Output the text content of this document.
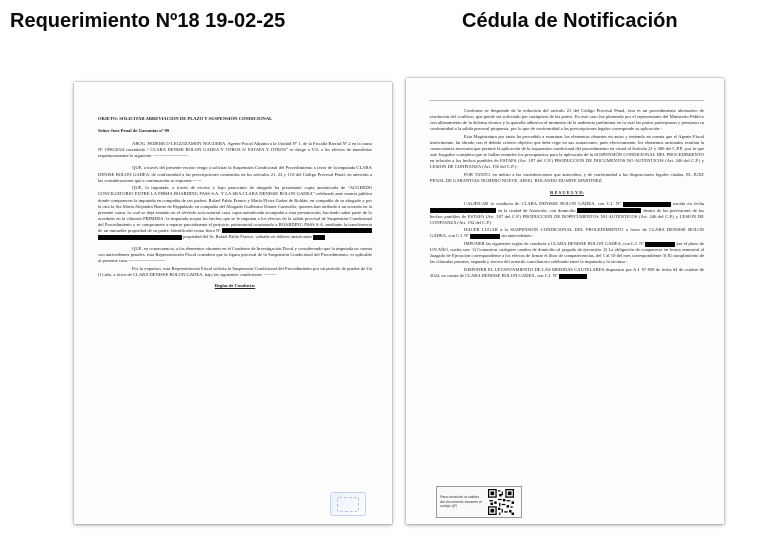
Requerimiento Nº18 19-02-25	Cédula de Notificación

OBJETO: SOLICITAR ABREVIACION DE PLAZO Y SUSPENSION CONDICIONAL

Señor Juez Penal de Garantias nº 09

ABOG. FEDERICO LEGUIZAMON NOGUERA, Agente Fiscal Adjunto a la Unidad Nº 1, de la Fiscalía Barrial Nº 2 en la causa Nº 1996/2024 caratulada “ CLARA DENISE BOLON GADEA Y OTROS S/ ESTAFA Y OTROS” se dirige a V.S. a los efectos de manifestar respetuosamente lo siguiente: -----------------------

QUE, a través del presente escrito vengo a solicitar la Suspensión Condicional del Procedimiento a favor de la imputada CLARA DENISE BOLON GADEA, de conformidad a las prescripciones contenidas en los artículos 21, 22 y 110 del Código Procesal Penal, en atención a las consideraciones que a continuación se exponen:------

QUE, la imputada, a través de escrito y bajo patrocinio de abogado ha presentado copia autenticada de “ACUERDO CONCILIATORIO ENTRE LA FIRMA BOARDING PASS S.A. Y LA SRA CLARA DENISSE BOLON GADEA” celebrado ante notaria pública donde comparecen la imputada en compañía de sus padres, Rafael Pablo Franco y María Elvira Gadea de Roldán, en compañía de su abogado y por la otra la Sra María Alejandra Bueno de Pappalardo en compañía del Abogado Guillermo Duarte Cazavalio, quienes han arribado a un acuerdo en la presente causa, lo cual se deja sentado en el referido acta notarial cuya copia autenticada acompaña a esta presentación, haciendo saber parte de lo acordado en la cláusula PRIMERA: la imputada acepta los hechos que se le imputan a los efectos de la salida procesal de Suspensión Condicional del Procedimiento y se compromete a reparar parcialmente el perjuicio patrimonial ocasionado a BOARDING PASS S.A. mediante la transferencia de un inmueble propiedad de su padre, identificado como finca Nº   propiedad del Sr. Rafael Pablo Franco, valuado en dólares americanos

QUE, en consecuencia, a los elementos obrantes en el Cuaderno de Investigación Fiscal y considerando que la imputada no cuenta con antecedentes penales, esta Representación Fiscal considera que la figura procesal de la Suspensión Condicional del Procedimiento, es aplicable al presente caso.------------------------

Por lo expuesto, esta Representación Fiscal solicita la Suspensión Condicional del Procedimiento por un periodo de prueba de Un (1) año, a favor de CLARA DENISSE BOLON GADEA, bajo las siguientes condiciones: --------

Reglas de Conducta:

Conforme se desprende de la redacción del artículo 21 del Código Procesal Penal, ésta es un procedimiento alternativo de resolución del conflicto, que puede ser solicitado por cualquiera de las partes. En este caso fue planteado por el representante del Ministerio Público con allanamiento de la defensa técnica y la querella adhesiva al momento de la audiencia preliminar en la cual las partes participaron y prestaron su conformidad a la salida procesal propuesta, por lo que de conformidad a las prescripciones legales corresponde su aplicación.-

Esta Magistratura por tanto ha procedido a examinar los elementos obrantes en autos y teniendo en cuenta que el Agente Fiscal interviniente, ha obrado con el debido criterio objetivo que debe regir en sus actuaciones, pues efectivamente, los elementos arrimados resultan la consecuencia necesaria que permite la aplicación de la suspensión condicional del procedimiento en virtud al Artículo 21 y 306 del C.P.P., por lo que este Juzgador considera que se hallan reunidos los presupuestos para la aplicación de la SUSPENSIÓN CONDICIONAL DEL PROCEDIMIENTO en relación a los hechos punibles de ESTAFA (Art. 187 del C.P.) PRODUCCION DE DOCUMENTOS NO AUTENTICOS (Art. 246 del C.P.) y LESION DE CONFIANZA (Art. 192 del C.P.).-

POR TANTO, en mérito a las consideraciones que anteceden, y de conformidad a las disposiciones legales citadas, EL JUEZ PENAL DE GARANTIAS NUMERO NUEVE, ABOG. ROLANDO DUARTE MARTINEZ;

R E S U E L V E:

CALIFICAR la conducta de CLARA DENISSE BOLON GADEA, con C.I. Nº	nacida en fecha  en la ciudad de Asunción, con domicilio	dentro de las previsiones de los hechos punibles de ESTAFA (Art. 187 del C.P.) PRODUCCION DE DOPPCUMENTOS NO AUTENTICOS (Art. 246 del C.P.) y LESION DE CONFIANZA (Art. 192 del C.P.)

HACER LUGAR a la SUSPENSION CONDICIONAL DEL PROCEDIMIENTO a favor de CLARA DENISSE BOLON GADEA, con C.I. Nº	sin antecedentes.-

IMPONER las siguientes reglas de conducta a CLARA DENISSE BOLON GADEA, con C.I. Nº	por el plazo de UN AÑO, cuales son: 1) Comunicar cualquier cambio de domicilio al juzgado de ejecución. 2) La obligación de comparecer en forma semestral al Juzgado de Ejecución correspondiente a los efectos de firmar el libro de comparecencias, del 1 al 10 del mes correspondiente 3) El cumplimiento de las cláusulas primera, segunda y tercera del acuerdo conciliatorio celebrado entre la imputada y la víctima.-

DISPONER EL LEVANTAMIENTO DE LAS MEDIDAS CAUTELARES dispuestas por A.I. Nº 838 de fecha 04 de octubre de 2024, en contra de CLARA DENISSE BOLON GADEA, con C.I. Nº

Para consultar la validez del documento escanee el código QR
